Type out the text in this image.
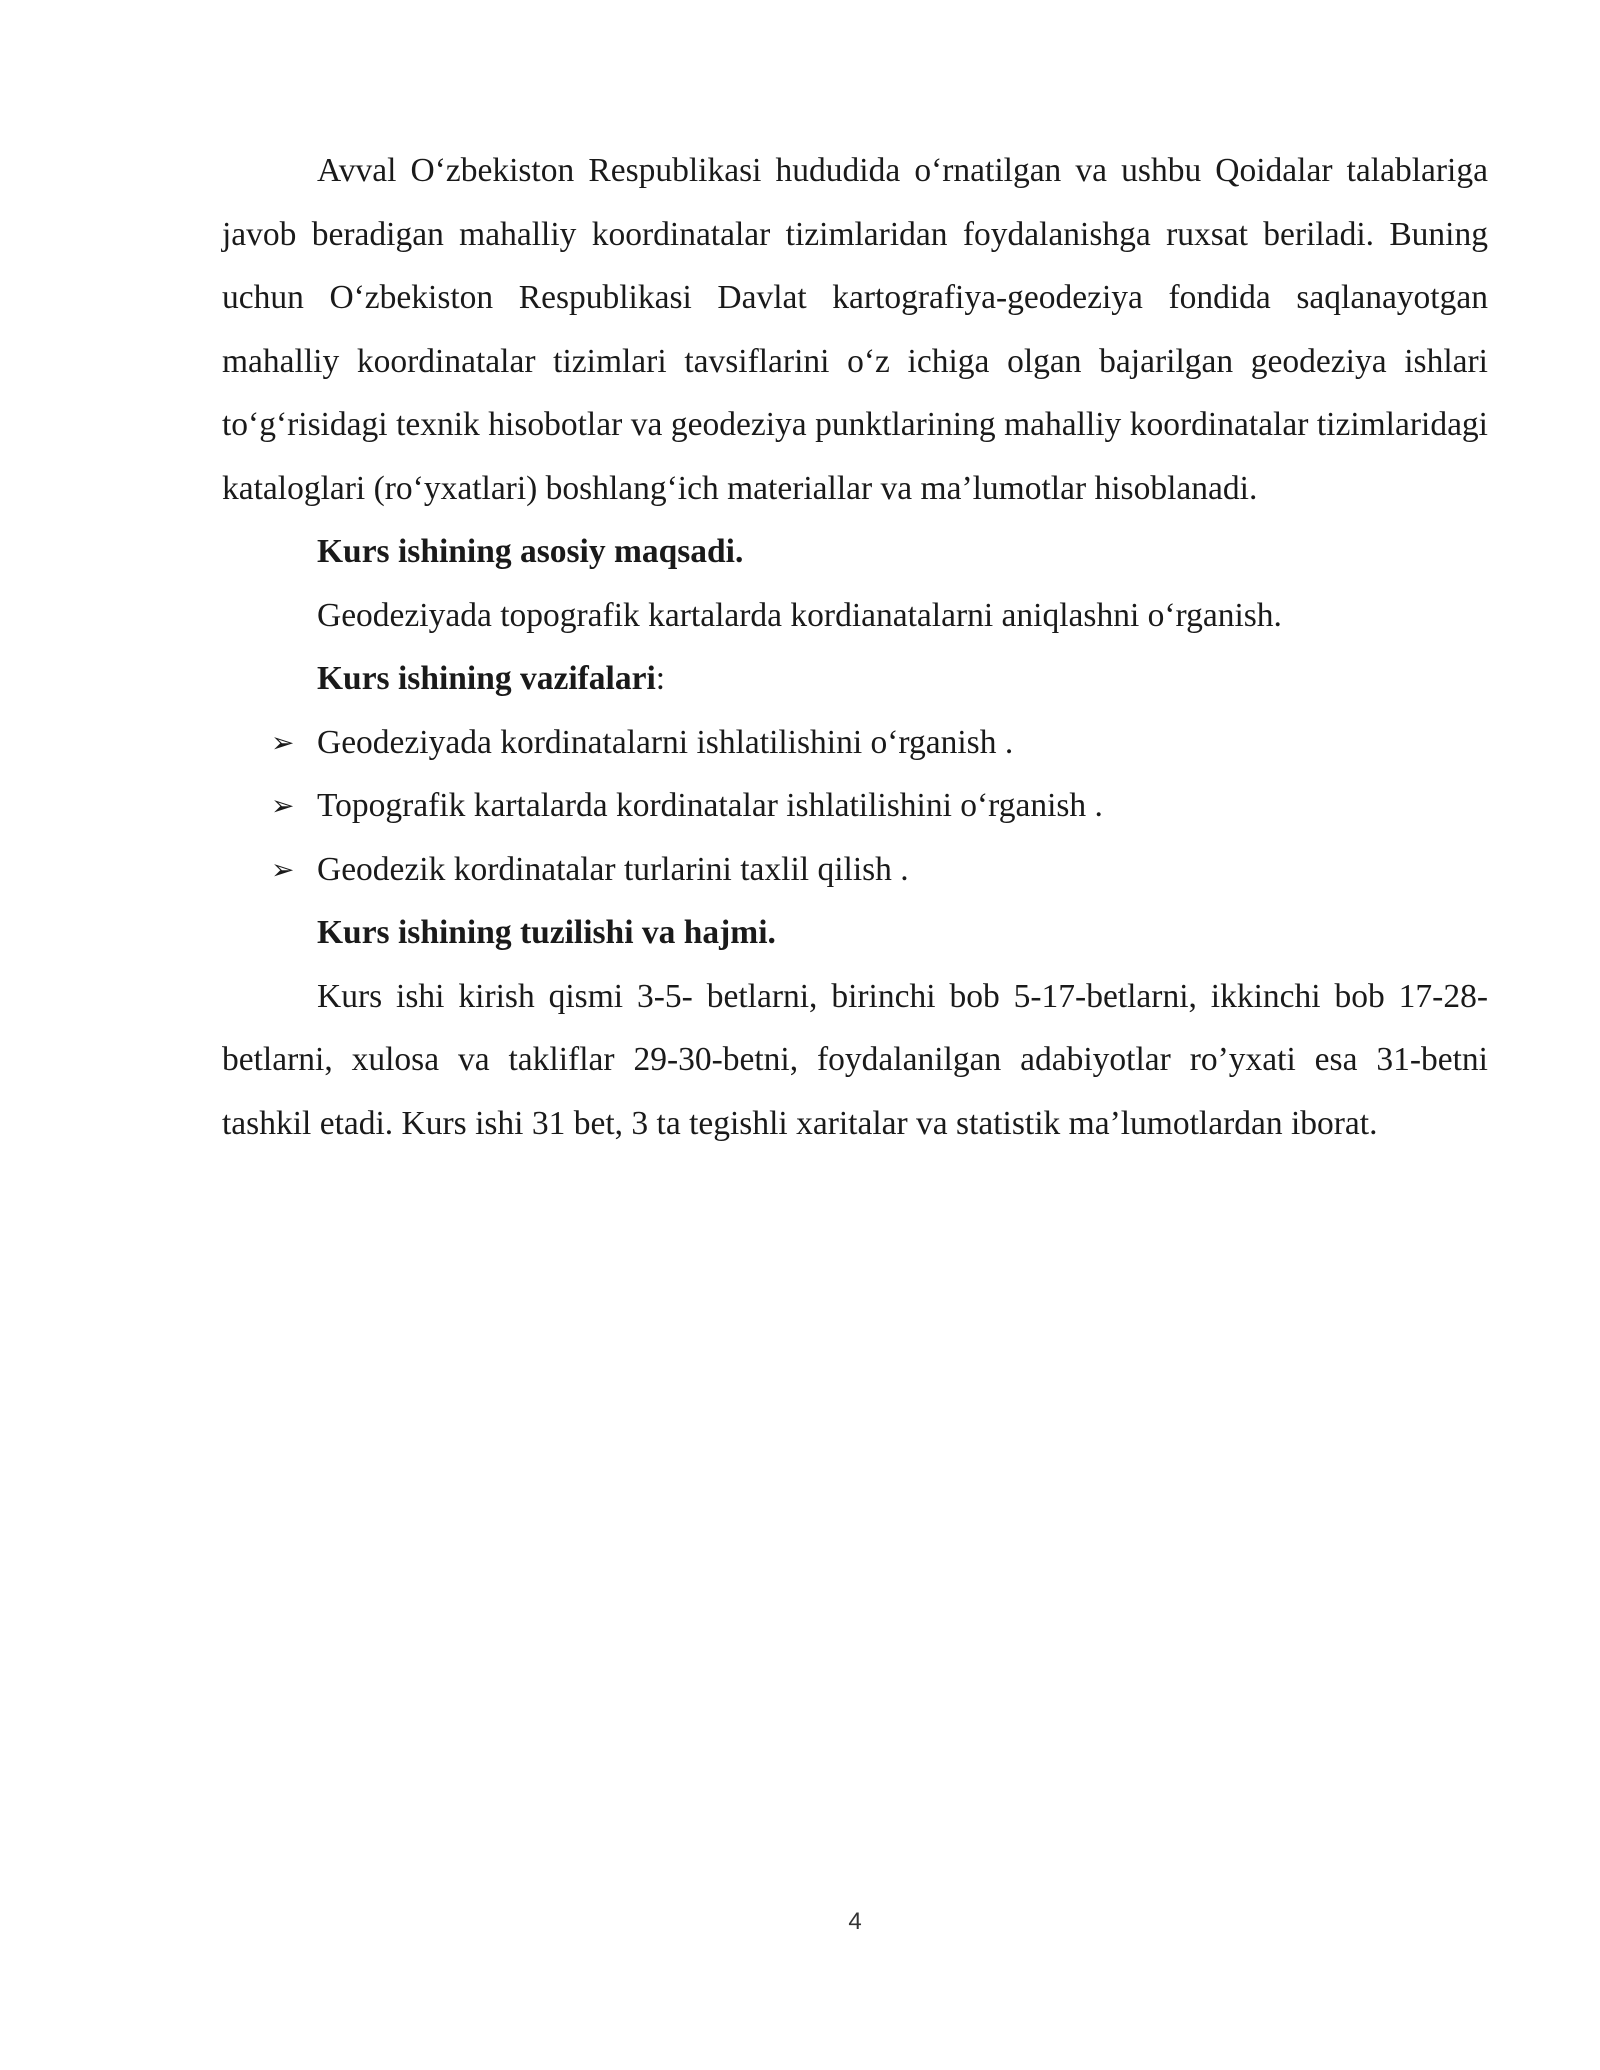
Avval O‘zbekiston Respublikasi hududida o‘rnatilgan va ushbu Qoidalar talablariga javob beradigan mahalliy koordinatalar tizimlaridan foydalanishga ruxsat beriladi. Buning uchun O‘zbekiston Respublikasi Davlat kartografiya-geodeziya fondida saqlanayotgan mahalliy koordinatalar tizimlari tavsiflarini o‘z ichiga olgan bajarilgan geodeziya ishlari to‘g‘risidagi texnik hisobotlar va geodeziya punktlarining mahalliy koordinatalar tizimlaridagi kataloglari (ro‘yxatlari) boshlang‘ich materiallar va ma’lumotlar hisoblanadi.

Kurs ishining asosiy maqsadi.

Geodeziyada topografik kartalarda kordianatalarni aniqlashni o‘rganish.

Kurs ishining vazifalari:

➢ Geodeziyada kordinatalarni ishlatilishini o‘rganish .

➢ Topografik kartalarda kordinatalar ishlatilishini o‘rganish .

➢ Geodezik kordinatalar turlarini taxlil qilish .

Kurs ishining tuzilishi va hajmi.

Kurs ishi kirish qismi 3-5- betlarni, birinchi bob 5-17-betlarni, ikkinchi bob 17-28-betlarni, xulosa va takliflar 29-30-betni, foydalanilgan adabiyotlar ro’yxati esa 31-betni tashkil etadi. Kurs ishi 31 bet, 3 ta tegishli xaritalar va statistik ma’lumotlardan iborat.

4
